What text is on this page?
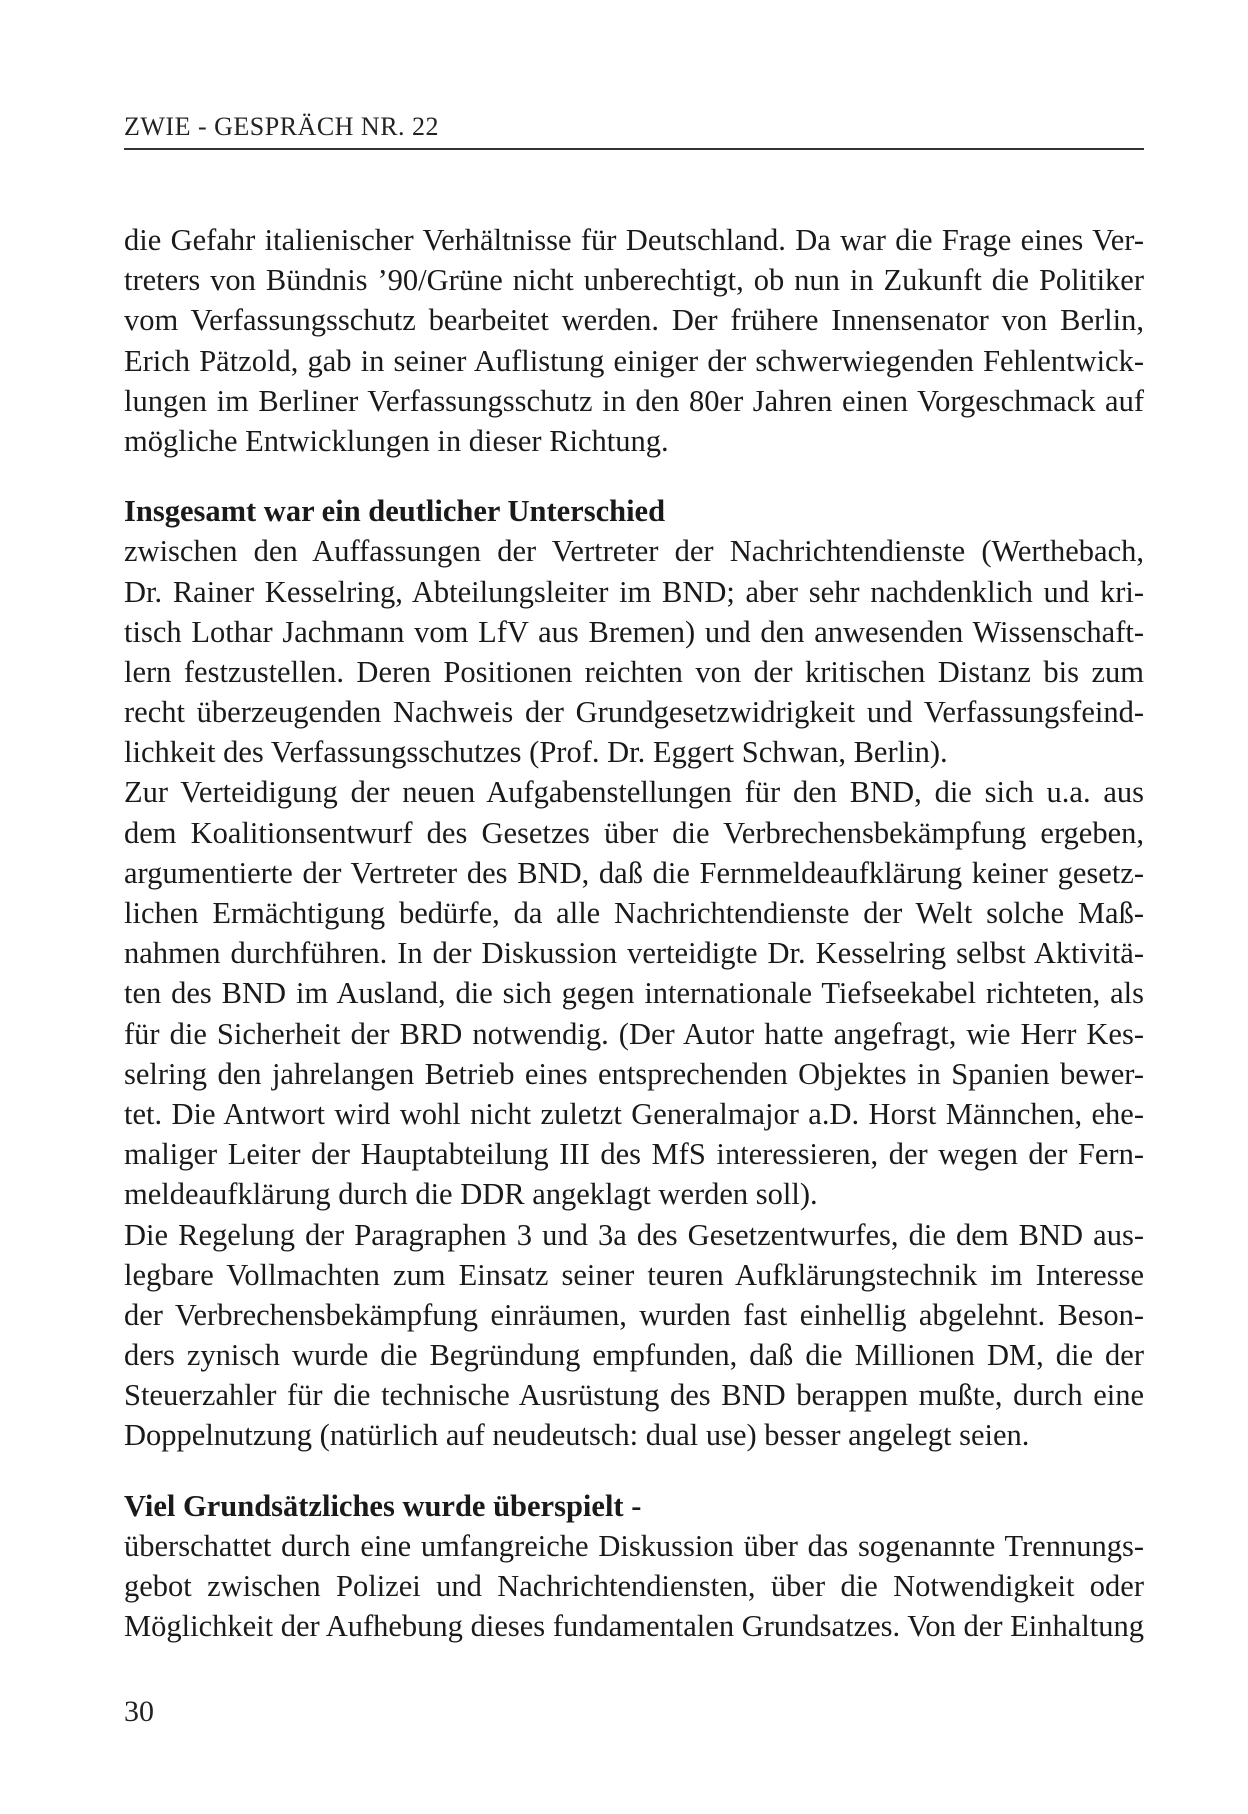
ZWIE - GESPRÄCH NR. 22
die Gefahr italienischer Verhältnisse für Deutschland. Da war die Frage eines Ver-
treters von Bündnis ’90/Grüne nicht unberechtigt, ob nun in Zukunft die Politiker
vom Verfassungsschutz bearbeitet werden. Der frühere Innensenator von Berlin,
Erich Pätzold, gab in seiner Auflistung einiger der schwerwiegenden Fehlentwick-
lungen im Berliner Verfassungsschutz in den 80er Jahren einen Vorgeschmack auf
mögliche Entwicklungen in dieser Richtung.
Insgesamt war ein deutlicher Unterschied
zwischen den Auffassungen der Vertreter der Nachrichtendienste (Werthebach,
Dr. Rainer Kesselring, Abteilungsleiter im BND; aber sehr nachdenklich und kri-
tisch Lothar Jachmann vom LfV aus Bremen) und den anwesenden Wissenschaft-
lern festzustellen. Deren Positionen reichten von der kritischen Distanz bis zum
recht überzeugenden Nachweis der Grundgesetzwidrigkeit und Verfassungsfeind-
lichkeit des Verfassungsschutzes (Prof. Dr. Eggert Schwan, Berlin).
Zur Verteidigung der neuen Aufgabenstellungen für den BND, die sich u.a. aus
dem Koalitionsentwurf des Gesetzes über die Verbrechensbekämpfung ergeben,
argumentierte der Vertreter des BND, daß die Fernmeldeaufklärung keiner gesetz-
lichen Ermächtigung bedürfe, da alle Nachrichtendienste der Welt solche Maß-
nahmen durchführen. In der Diskussion verteidigte Dr. Kesselring selbst Aktivitä-
ten des BND im Ausland, die sich gegen internationale Tiefseekabel richteten, als
für die Sicherheit der BRD notwendig. (Der Autor hatte angefragt, wie Herr Kes-
selring den jahrelangen Betrieb eines entsprechenden Objektes in Spanien bewer-
tet. Die Antwort wird wohl nicht zuletzt Generalmajor a.D. Horst Männchen, ehe-
maliger Leiter der Hauptabteilung III des MfS interessieren, der wegen der Fern-
meldeaufklärung durch die DDR angeklagt werden soll).
Die Regelung der Paragraphen 3 und 3a des Gesetzentwurfes, die dem BND aus-
legbare Vollmachten zum Einsatz seiner teuren Aufklärungstechnik im Interesse
der Verbrechensbekämpfung einräumen, wurden fast einhellig abgelehnt. Beson-
ders zynisch wurde die Begründung empfunden, daß die Millionen DM, die der
Steuerzahler für die technische Ausrüstung des BND berappen mußte, durch eine
Doppelnutzung (natürlich auf neudeutsch: dual use) besser angelegt seien.
Viel Grundsätzliches wurde überspielt -
überschattet durch eine umfangreiche Diskussion über das sogenannte Trennungs-
gebot zwischen Polizei und Nachrichtendiensten, über die Notwendigkeit oder
Möglichkeit der Aufhebung dieses fundamentalen Grundsatzes. Von der Einhaltung
30
